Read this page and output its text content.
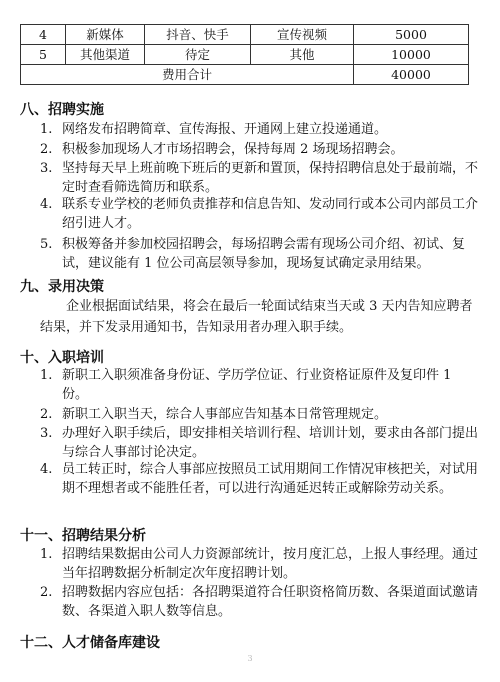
4	新媒体	抖音、快手	宣传视频	5000
5	其他渠道	待定	其他	10000
费用合计				40000
八、招聘实施
1. 网络发布招聘简章、宣传海报、开通网上建立投递通道。
2. 积极参加现场人才市场招聘会，保持每周 2 场现场招聘会。
3. 坚持每天早上班前晚下班后的更新和置顶，保持招聘信息处于最前端，不定时查看筛选简历和联系。
4. 联系专业学校的老师负责推荐和信息告知、发动同行或本公司内部员工介绍引进人才。
5. 积极筹备并参加校园招聘会，每场招聘会需有现场公司介绍、初试、复试，建议能有 1 位公司高层领导参加，现场复试确定录用结果。
九、录用决策
企业根据面试结果，将会在最后一轮面试结束当天或 3 天内告知应聘者结果，并下发录用通知书，告知录用者办理入职手续。
十、入职培训
1. 新职工入职须准备身份证、学历学位证、行业资格证原件及复印件 1 份。
2. 新职工入职当天，综合人事部应告知基本日常管理规定。
3. 办理好入职手续后，即安排相关培训行程、培训计划，要求由各部门提出与综合人事部讨论决定。
4. 员工转正时，综合人事部应按照员工试用期间工作情况审核把关，对试用期不理想者或不能胜任者，可以进行沟通延迟转正或解除劳动关系。
十一、招聘结果分析
1. 招聘结果数据由公司人力资源部统计，按月度汇总，上报人事经理。通过当年招聘数据分析制定次年度招聘计划。
2. 招聘数据内容应包括：各招聘渠道符合任职资格简历数、各渠道面试邀请数、各渠道入职人数等信息。
十二、人才储备库建设
3
